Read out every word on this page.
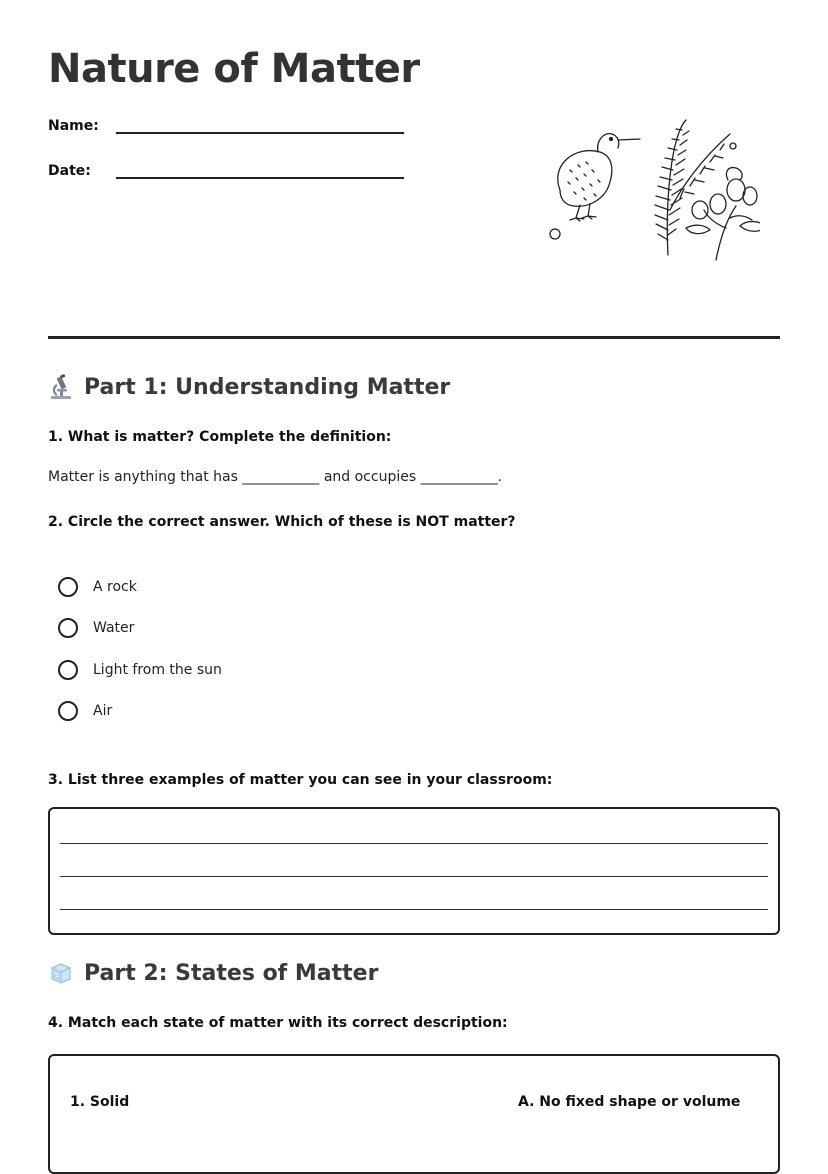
Nature of Matter
Name:
Date:
Part 1: Understanding Matter
1. What is matter? Complete the definition:
Matter is anything that has ___________ and occupies ___________.
2. Circle the correct answer. Which of these is NOT matter?
A rock
Water
Light from the sun
Air
3. List three examples of matter you can see in your classroom:
Part 2: States of Matter
4. Match each state of matter with its correct description:
1. Solid	A. No fixed shape or volume
